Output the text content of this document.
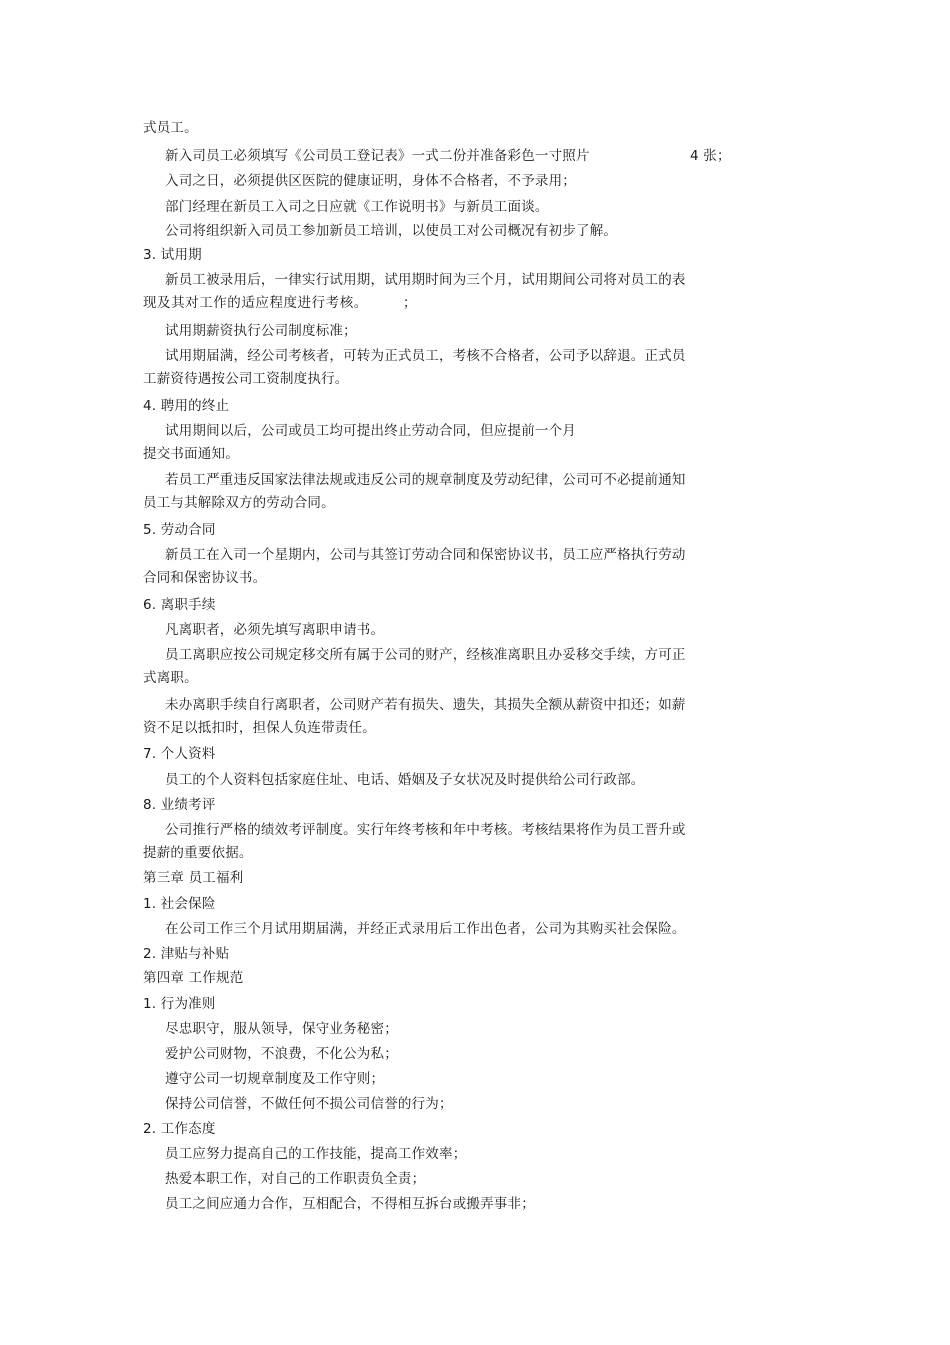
式员工。
新入司员工必须填写《公司员工登记表》一式二份并准备彩色一寸照片	4 张；
入司之日，必须提供区医院的健康证明，身体不合格者，不予录用；
部门经理在新员工入司之日应就《工作说明书》与新员工面谈。
公司将组织新入司员工参加新员工培训，以使员工对公司概况有初步了解。
3. 试用期
新员工被录用后，一律实行试用期，试用期时间为三个月，试用期间公司将对员工的表
现及其对工作的适应程度进行考核。	；
试用期薪资执行公司制度标准；
试用期届满，经公司考核者，可转为正式员工，考核不合格者，公司予以辞退。正式员
工薪资待遇按公司工资制度执行。
4. 聘用的终止
试用期间以后，公司或员工均可提出终止劳动合同，但应提前一个月
提交书面通知。
若员工严重违反国家法律法规或违反公司的规章制度及劳动纪律，公司可不必提前通知
员工与其解除双方的劳动合同。
5. 劳动合同
新员工在入司一个星期内，公司与其签订劳动合同和保密协议书，员工应严格执行劳动
合同和保密协议书。
6. 离职手续
凡离职者，必须先填写离职申请书。
员工离职应按公司规定移交所有属于公司的财产，经核准离职且办妥移交手续，方可正
式离职。
未办离职手续自行离职者，公司财产若有损失、遗失，其损失全额从薪资中扣还；如薪
资不足以抵扣时，担保人负连带责任。
7. 个人资料
员工的个人资料包括家庭住址、电话、婚姻及子女状况及时提供给公司行政部。
8. 业绩考评
公司推行严格的绩效考评制度。实行年终考核和年中考核。考核结果将作为员工晋升或
提薪的重要依据。
第三章 员工福利
1. 社会保险
在公司工作三个月试用期届满，并经正式录用后工作出色者，公司为其购买社会保险。
2. 津贴与补贴
第四章 工作规范
1. 行为准则
尽忠职守，服从领导，保守业务秘密；
爱护公司财物，不浪费，不化公为私；
遵守公司一切规章制度及工作守则；
保持公司信誉，不做任何不损公司信誉的行为；
2. 工作态度
员工应努力提高自己的工作技能，提高工作效率；
热爱本职工作，对自己的工作职责负全责；
员工之间应通力合作，互相配合，不得相互拆台或搬弄事非；
